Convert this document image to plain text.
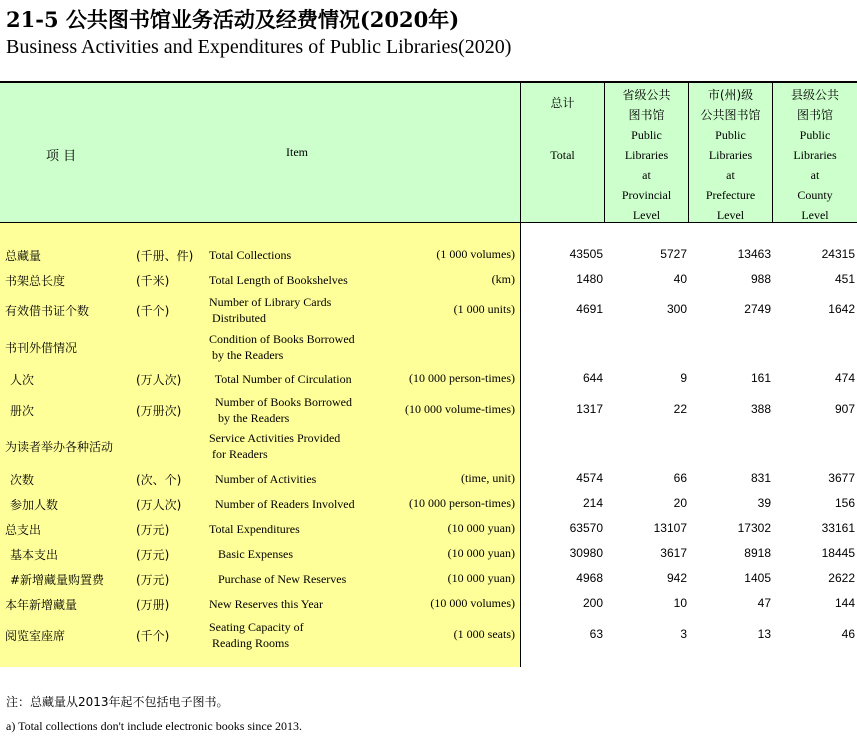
21-5 公共图书馆业务活动及经费情况(2020年)
Business Activities and Expenditures of Public Libraries(2020)
项 目	Item
总计
Total
省级公共
图书馆
Public
Libraries
at
Provincial
Level
市(州)级
公共图书馆
Public
Libraries
at
Prefecture
Level
县级公共
图书馆
Public
Libraries
at
County
Level
总藏量	(千册、件) Total Collections	(1 000 volumes)	43505	5727	13463	24315
书架总长度	(千米)	Total Length of Bookshelves	(km)	1480	40	988	451
有效借书证个数	(千个)
Number of Library Cards
Distributed
(1 000 units)	4691	300	2749	1642
书刊外借情况
Condition of Books Borrowed
by the Readers
人次	(万人次) Total Number of Circulation	(10 000 person-times)	644	9	161	474
册次	(万册次)
Number of Books Borrowed
by the Readers
(10 000 volume-times)	1317	22	388	907
为读者举办各种活动
Service Activities Provided
for Readers
次数	(次、个) Number of Activities	(time, unit)	4574	66	831	3677
参加人数	(万人次) Number of Readers Involved	(10 000 person-times)	214	20	39	156
总支出	(万元)	Total Expenditures	(10 000 yuan)	63570	13107	17302	33161
基本支出	(万元)	Basic Expenses	(10 000 yuan)	30980	3617	8918	18445
#新增藏量购置费	(万元)	Purchase of New Reserves	(10 000 yuan)	4968	942	1405	2622
本年新增藏量	(万册)	New Reserves this Year	(10 000 volumes)	200	10	47	144
阅览室座席	(千个)
Seating Capacity of
Reading Rooms
(1 000 seats)	63	3	13	46
注：总藏量从2013年起不包括电子图书。
a) Total collections don't include electronic books since 2013.
